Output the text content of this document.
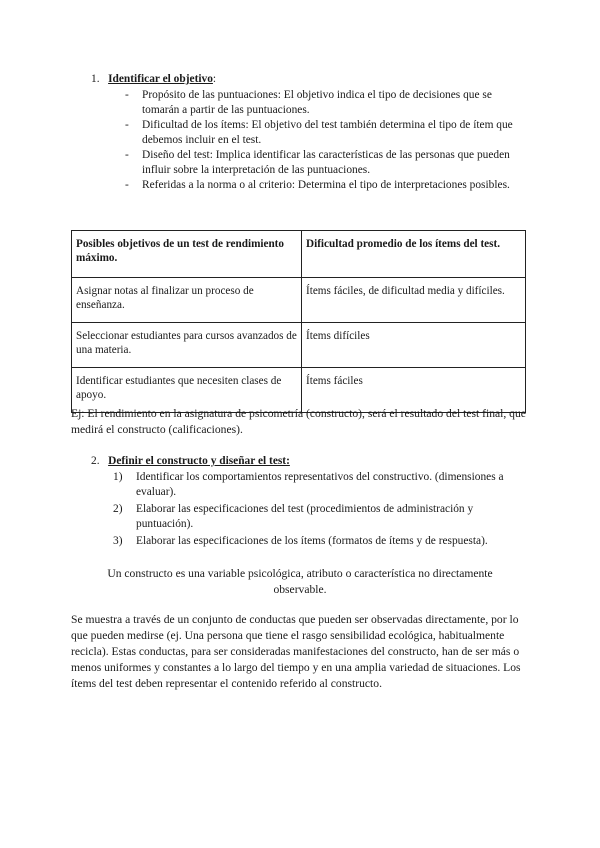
1. Identificar el objetivo:
- Propósito de las puntuaciones: El objetivo indica el tipo de decisiones que se tomarán a partir de las puntuaciones.
- Dificultad de los ítems: El objetivo del test también determina el tipo de ítem que debemos incluir en el test.
- Diseño del test: Implica identificar las características de las personas que pueden influir sobre la interpretación de las puntuaciones.
- Referidas a la norma o al criterio: Determina el tipo de interpretaciones posibles.
Posibles objetivos de un test de rendimiento máximo.	Dificultad promedio de los ítems del test.
Asignar notas al finalizar un proceso de enseñanza.	Ítems fáciles, de dificultad media y difíciles.
Seleccionar estudiantes para cursos avanzados de una materia.	Ítems difíciles
Identificar estudiantes que necesiten clases de apoyo.	Ítems fáciles
Ej: El rendimiento en la asignatura de psicometría (constructo), será el resultado del test final, que medirá el constructo (calificaciones).
2. Definir el constructo y diseñar el test:
1) Identificar los comportamientos representativos del constructivo. (dimensiones a evaluar).
2) Elaborar las especificaciones del test (procedimientos de administración y puntuación).
3) Elaborar las especificaciones de los ítems (formatos de ítems y de respuesta).
Un constructo es una variable psicológica, atributo o característica no directamente observable.
Se muestra a través de un conjunto de conductas que pueden ser observadas directamente, por lo que pueden medirse (ej. Una persona que tiene el rasgo sensibilidad ecológica, habitualmente recicla). Estas conductas, para ser consideradas manifestaciones del constructo, han de ser más o menos uniformes y constantes a lo largo del tiempo y en una amplia variedad de situaciones. Los ítems del test deben representar el contenido referido al constructo.
